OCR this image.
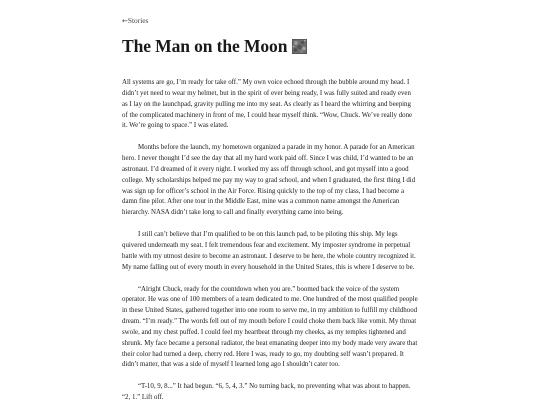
←Stories
The Man on the Moon

All systems are go, I’m ready for take off.” My own voice echoed through the bubble around my head. I didn’t yet need to wear my helmet, but in the spirit of ever being ready, I was fully suited and ready even as I lay on the launchpad, gravity pulling me into my seat. As clearly as I heard the whirring and beeping of the complicated machinery in front of me, I could hear myself think. “Wow, Chuck. We’ve really done it. We’re going to space.” I was elated.

Months before the launch, my hometown organized a parade in my honor. A parade for an American hero. I never thought I’d see the day that all my hard work paid off. Since I was child, I’d wanted to be an astronaut. I’d dreamed of it every night. I worked my ass off through school, and got myself into a good college. My scholarships helped me pay my way to grad school, and when I graduated, the first thing I did was sign up for officer’s school in the Air Force. Rising quickly to the top of my class, I had become a damn fine pilot. After one tour in the Middle East, mine was a common name amongst the American hierarchy. NASA didn’t take long to call and finally everything came into being.

I still can’t believe that I’m qualified to be on this launch pad, to be piloting this ship. My legs quivered underneath my seat. I felt tremendous fear and excitement. My imposter syndrome in perpetual battle with my utmost desire to become an astronaut. I deserve to be here, the whole country recognized it. My name falling out of every mouth in every household in the United States, this is where I deserve to be.

“Alright Chuck, ready for the countdown when you are.” boomed back the voice of the system operator. He was one of 100 members of a team dedicated to me. One hundred of the most qualified people in these United States, gathered together into one room to serve me, in my ambition to fulfill my childhood dream. “I’m ready.” The words fell out of my mouth before I could choke them back like vomit. My throat swole, and my chest puffed. I could feel my heartbeat through my cheeks, as my temples tightened and shrunk. My face became a personal radiator, the heat emanating deeper into my body made very aware that their color had turned a deep, cherry red. Here I was, ready to go, my doubting self wasn’t prepared. It didn’t matter, that was a side of myself I learned long ago I shouldn’t cater too.

“T-10, 9, 8...” It had begun. “6, 5, 4, 3.” No turning back, no preventing what was about to happen. “2, 1.” Lift off.
